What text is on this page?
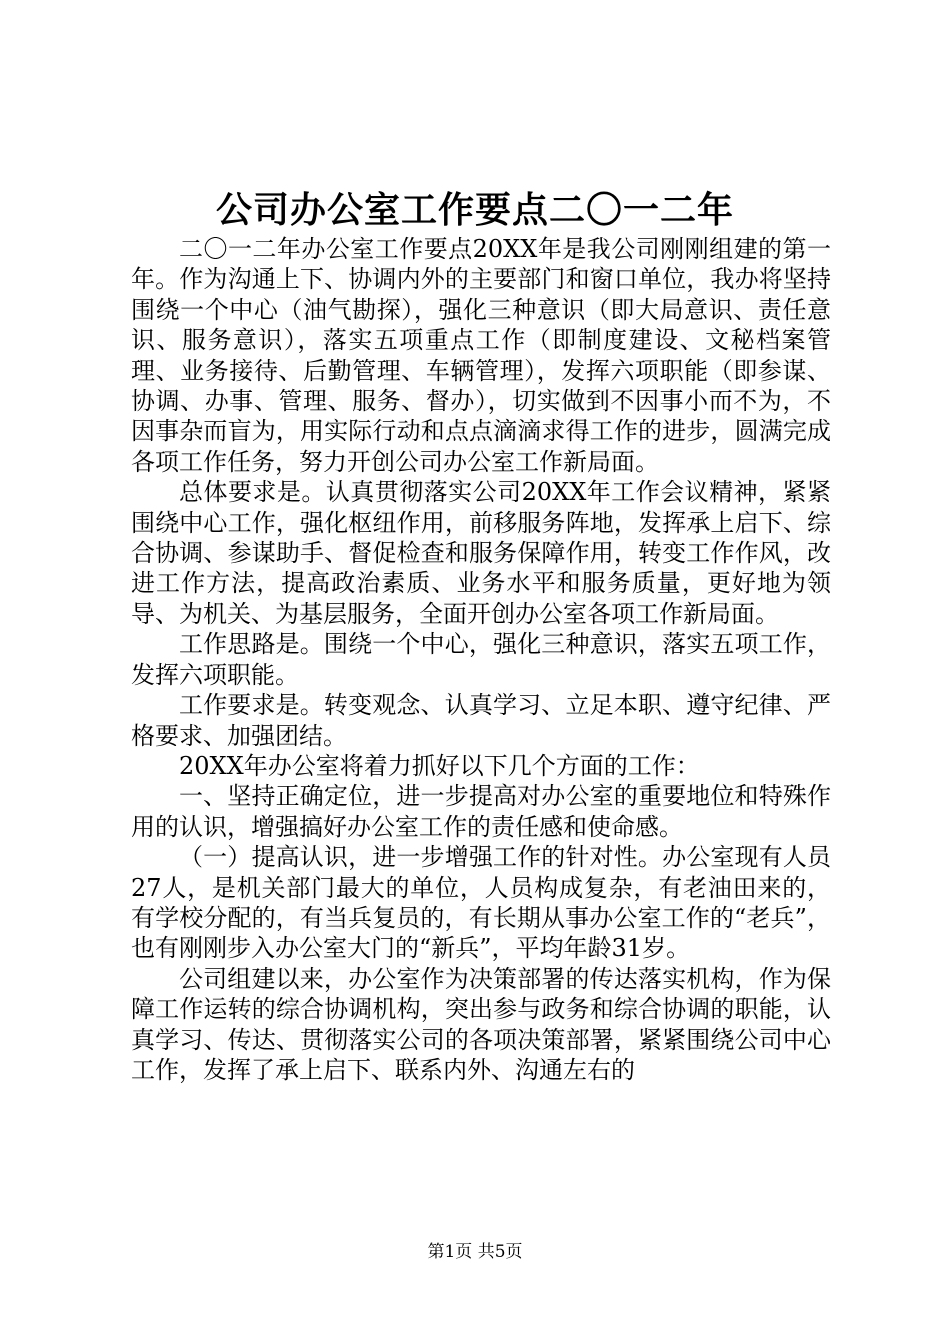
公司办公室工作要点二〇一二年

二〇一二年办公室工作要点20XX年是我公司刚刚组建的第一年。作为沟通上下、协调内外的主要部门和窗口单位，我办将坚持围绕一个中心（油气勘探），强化三种意识（即大局意识、责任意识、服务意识），落实五项重点工作（即制度建设、文秘档案管理、业务接待、后勤管理、车辆管理），发挥六项职能（即参谋、协调、办事、管理、服务、督办），切实做到不因事小而不为，不因事杂而盲为，用实际行动和点点滴滴求得工作的进步，圆满完成各项工作任务，努力开创公司办公室工作新局面。

总体要求是。认真贯彻落实公司20XX年工作会议精神，紧紧围绕中心工作，强化枢纽作用，前移服务阵地，发挥承上启下、综合协调、参谋助手、督促检查和服务保障作用，转变工作作风，改进工作方法，提高政治素质、业务水平和服务质量，更好地为领导、为机关、为基层服务，全面开创办公室各项工作新局面。

工作思路是。围绕一个中心，强化三种意识，落实五项工作，发挥六项职能。

工作要求是。转变观念、认真学习、立足本职、遵守纪律、严格要求、加强团结。

20XX年办公室将着力抓好以下几个方面的工作：

一、坚持正确定位，进一步提高对办公室的重要地位和特殊作用的认识，增强搞好办公室工作的责任感和使命感。

（一）提高认识，进一步增强工作的针对性。办公室现有人员27人，是机关部门最大的单位，人员构成复杂，有老油田来的，有学校分配的，有当兵复员的，有长期从事办公室工作的“老兵”，也有刚刚步入办公室大门的“新兵”，平均年龄31岁。

公司组建以来，办公室作为决策部署的传达落实机构，作为保障工作运转的综合协调机构，突出参与政务和综合协调的职能，认真学习、传达、贯彻落实公司的各项决策部署，紧紧围绕公司中心工作，发挥了承上启下、联系内外、沟通左右的

第1页 共5页
